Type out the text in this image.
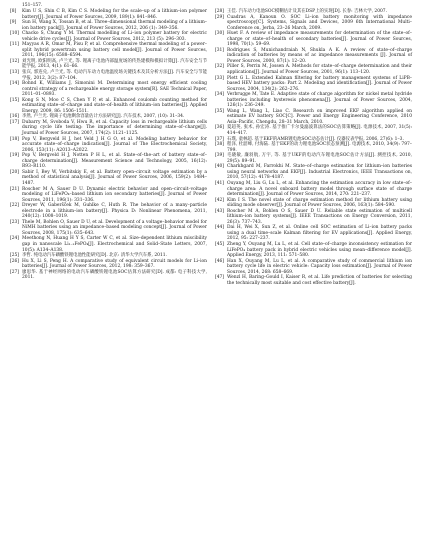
151–157.
[8]	Kim U S, Shin C B, Kim C S. Modeling for the scale–up of a lithium–ion polymer battery[J]. Journal of Power Sources, 2009, 189(1): 841–846.
[9]	Sun H, Wang X, Tossan B, et al. Three–dimensional thermal modeling of a lithium–ion battery pack[J]. Journal of Power Sources, 2012, 206 (1): 349–356.
[10] Chacko S, Chung Y M. Thermal modelling of Li–ion polymer battery for electric vehicle drive cycles[J]. Journal of Power Sources, 2012, 213 (5): 296–303.
[11] Mayyas A R, Omar M, Pisu P, et al. Comprehensive thermal modeling of a power–split hybrid powertrain using battery cell model[J]. Journal of Power Sources, 2011, 196(15): 6588–6594.
[12] 刘光明, 欧阳明高, 卢兰光, 等. 锂离子电池内部温度场的传热建模和模拟计算[J]. 汽车安全与节能学报, 2013, 4(1): 61–66.
[13] 张宾, 郭连兑, 卢兰光, 等. 电动汽车动力电池温度场关键技术及其分析方法[J]. 汽车安全与节能学报, 2012, 3(2): 87–104.
[14] Bohnd K, Williams J, Simonini M. Determining most energy efficient cooling control strategy of a rechargeable energy storage system[R]. SAE Technical Paper, 2011–01–0893.
[15] Kong S N, Moo C S, Chen Y P, et al. Enhanced coulomb counting method for estimating state–of–charge and state–of–health of lithium–ion batteries[J]. Applied Energy, 2009, 86: 1506–1511.
[16] 李然, 卢兰光. 锂离子电池剩余容量估计方法研究[J]. 汽车技术, 2007, (10): 31–34.
[17] Dubarry M, Svoboda V, Hwu R, et al. Capacity loss in rechargeable lithium cells during cycle life testing: The importance of determining state–of–charge[J]. Journal of Power Sources, 2007, 174(2): 1121–1125.
[18] Pop V, Bergveld H J, het Veld J H G O, et al. Modeling battery behavior for accurate state–of–charge indication[J]. Journal of The Electrochemical Society, 2006, 153(11): A2013–A2022.
[19] Pop V, Bergveld H J, Notten P H L, et al. State–of–the–art of battery state–of–charge determination[J]. Measurement Science and Technology, 2005, 16(12): R93–R110.
[20] Sabir I, Bey W, Verbitskiy E, et al. Battery open–circuit voltage estimation by a method of statistical analysis[J]. Journal of Power Sources, 2006, 159(2): 1484–1487.
[21] Roscher M A, Sauer D U. Dynamic electric behavior and open–circuit–voltage modeling of LiFePO₄–based lithium ion secondary batteries[J]. Journal of Power Sources, 2011, 196(1): 331–336.
[22] Dreyer W, Gaberšček M, Guhlke C, Huth R. The behavior of a many–particle electrode in a lithium–ion battery[J]. Physica D: Nonlinear Phenomena, 2011, 240(12): 1008–1019.
[23] Thele M, Bohlen O, Sauer D U, et al. Development of a voltage–behavior model for NiMH batteries using an impedance–based modeling concept[J]. Journal of Power Sources, 2008, 175(1): 635–643.
[24] Meethong N, Huang H Y S, Carter W C, et al. Size–dependent lithium miscibility gap in nanoscale Li₁₋ₓFePO₄[J]. Electrochemical and Solid–State Letters, 2007, 10(5): A134–A138.
[25] 李哲. 纯电动汽车磷酸铁锂电池性能研究[D]. 北京: 清华大学汽车系, 2011.
[26] Hu X, Li S, Peng H. A comparative study of equivalent circuit models for Li–ion batteries[J]. Journal of Power Sources, 2012, 198: 359–367.
[27] 廖思华. 基于神经网络的电动汽车磷酸铁锂电池SOC估算方法研究[D]. 成都: 电子科技大学, 2011.
[28] 王佳. 汽车动力电池SOC模糊估计及其在DSP上的实现[D]. 长春: 吉林大学, 2007.
[29] Cuadras A, Kanoun O. SOC Li–ion battery monitoring with impedance spectroscopy[C]. Systems, Signals and Devices, 2009 6th International Multi–Conference on, Jerba, 23–26 March, 2009.
[30] Huet F. A review of impedance measurements for determination of the state–of–charge or state–of–health of secondary batteries[J]. Journal of Power Sources, 1998, 70(1): 59–69.
[31] Rodrigues S, Munichandraiah N, Shukla A K. A review of state–of–charge indication of batteries by means of ac impedance measurements [J]. Journal of Power Sources, 2000, 87(1): 12–20.
[32] Piller S, Perrin M, Jossen A. Methods for state–of–charge determination and their applications[J]. Journal of Power Sources, 2001, 96(1): 113–120.
[33] Plett G L. Extended Kalman filtering for battery management systems of LiPB–based HEV battery packs: Part 2. Modeling and identification[J]. Journal of Power Sources, 2004, 134(2): 262–276.
[34] Verbrugge M, Tate E. Adaptive state of charge algorithm for nickel metal hydride batteries including hysteresis phenomena[J]. Journal of Power Sources, 2004, 126(1): 236–249.
[35] Wang L, Wang L, Liao C. Research on improved EKF algorithm applied on estimate EV battery SOC[C]. Power and Energy Engineering Conference, 2010 Asia–Pacific, Chengdu, 28–31 March, 2010.
[36] 夏超英, 张术, 孙宏涛. 基于推广卡尔曼滤波算法的SOC估算策略[J]. 电源技术, 2007, 31(5): 414–417.
[37] 石璞, 童林超. 基于EKF的AMR锂电池SOC动态估计[J]. 仪器仪表学报, 2006, 27(6): 1–3.
[38] 程泽, 杜韶峰, 付海陆. 基于EKF的动力锂电池SOC状态预测[J]. 电源技术, 2010, 34(9): 797–799.
[39] 毛晓敏, 廉羽航, 万宇, 等. 基于UKF的电动汽车锂电池SOC估计方法[J]. 测控技术, 2010, 29(5): 89–91.
[40] Charkhgard M, Farrokhi M. State–of–charge estimation for lithium–ion batteries using neural networks and EKF[J]. Industrial Electronics, IEEE Transactions on, 2010, 57(12): 4178–4187.
[41] Ouyang M, Liu G, Lu L, et al. Enhancing the estimation accuracy in low state–of–charge area: A novel onboard battery model through surface state of charge determination[J]. Journal of Power Sources, 2014, 270: 221–237.
[42] Kim I S. The novel state of charge estimation method for lithium battery using sliding mode observer[J]. Journal of Power Sources, 2006, 163(1): 584–590.
[43] Roscher M A, Bohlen O S, Sauer D U. Reliable state estimation of multicell lithium–ion battery systems[J]. IEEE Transactions on Energy Conversion, 2011, 26(3): 737–743.
[44] Dai H, Wei X, Sun Z, et al. Online cell SOC estimation of Li–ion battery packs using a dual time–scale Kalman filtering for EV applications[J]. Applied Energy, 2012, 95: 227–237.
[45] Zheng Y, Ouyang M, Lu L, et al. Cell state–of–charge inconsistency estimation for LiFePO₄ battery pack in hybrid electric vehicles using mean–difference model[J]. Applied Energy, 2013, 111: 571–580.
[46] Han X, Ouyang M, Lu L, et al. A comparative study of commercial lithium ion battery cycle life in electric vehicle: Capacity loss estimation[J]. Journal of Power Sources, 2014, 268: 658–669.
[47] Wenzl H, Baring–Gould I, Kaiser R, et al. Life prediction of batteries for selecting the technically most suitable and cost effective battery[J].
